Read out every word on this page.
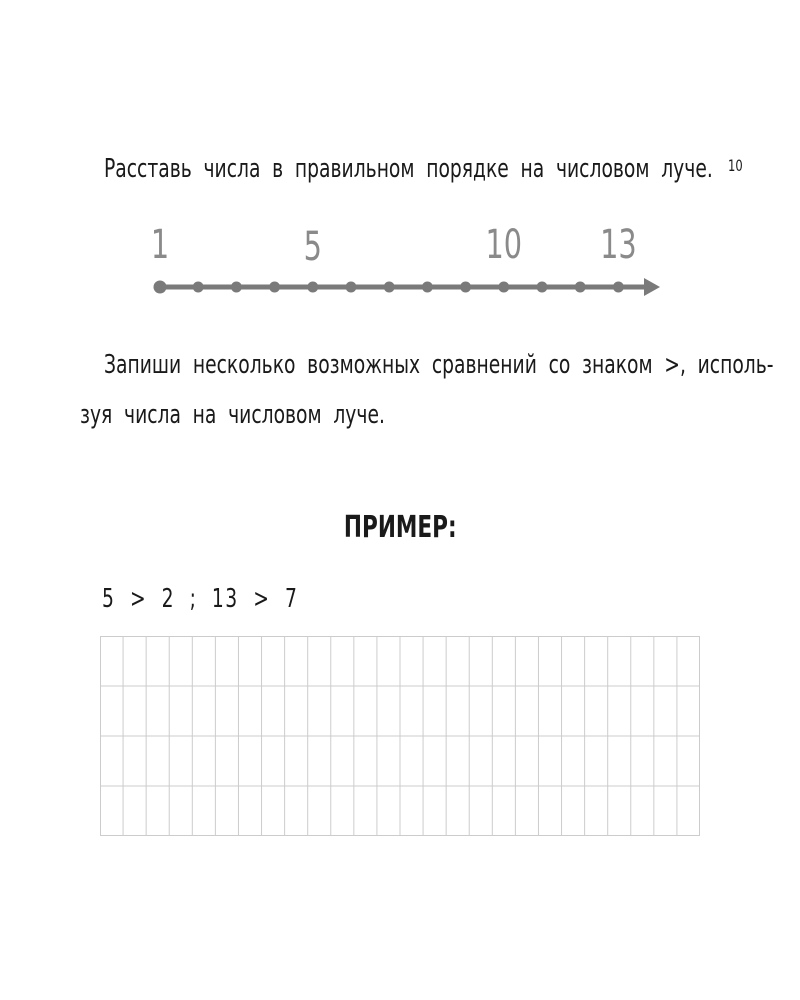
10
Расставь числа в правильном порядке на числовом луче.
1	5	10 13
Запиши несколько возможных сравнений со знаком >, исполь-
зуя числа на числовом луче.
ПРИМЕР:
5 > 2 ; 13 > 7
